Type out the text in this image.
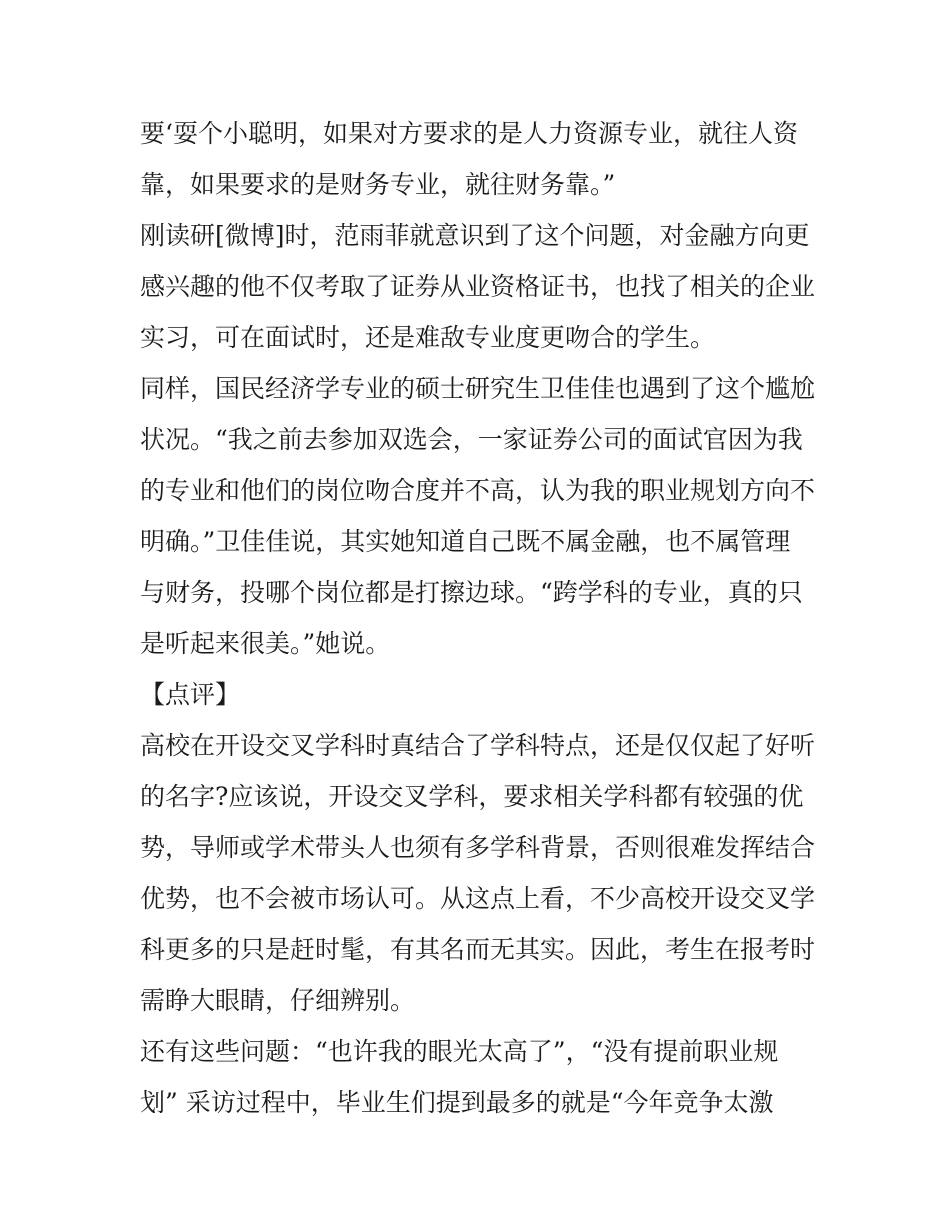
要‘耍个小聪明，如果对方要求的是人力资源专业，就往人资
靠，如果要求的是财务专业，就往财务靠。”
刚读研[微博]时，范雨菲就意识到了这个问题，对金融方向更
感兴趣的他不仅考取了证券从业资格证书，也找了相关的企业
实习，可在面试时，还是难敌专业度更吻合的学生。
同样，国民经济学专业的硕士研究生卫佳佳也遇到了这个尴尬
状况。“我之前去参加双选会，一家证券公司的面试官因为我
的专业和他们的岗位吻合度并不高，认为我的职业规划方向不
明确。”卫佳佳说，其实她知道自己既不属金融，也不属管理
与财务，投哪个岗位都是打擦边球。“跨学科的专业，真的只
是听起来很美。”她说。
【点评】
高校在开设交叉学科时真结合了学科特点，还是仅仅起了好听
的名字?应该说，开设交叉学科，要求相关学科都有较强的优
势，导师或学术带头人也须有多学科背景，否则很难发挥结合
优势，也不会被市场认可。从这点上看，不少高校开设交叉学
科更多的只是赶时髦，有其名而无其实。因此，考生在报考时
需睁大眼睛，仔细辨别。
还有这些问题：“也许我的眼光太高了”，“没有提前职业规
划” 采访过程中，毕业生们提到最多的就是“今年竞争太激
